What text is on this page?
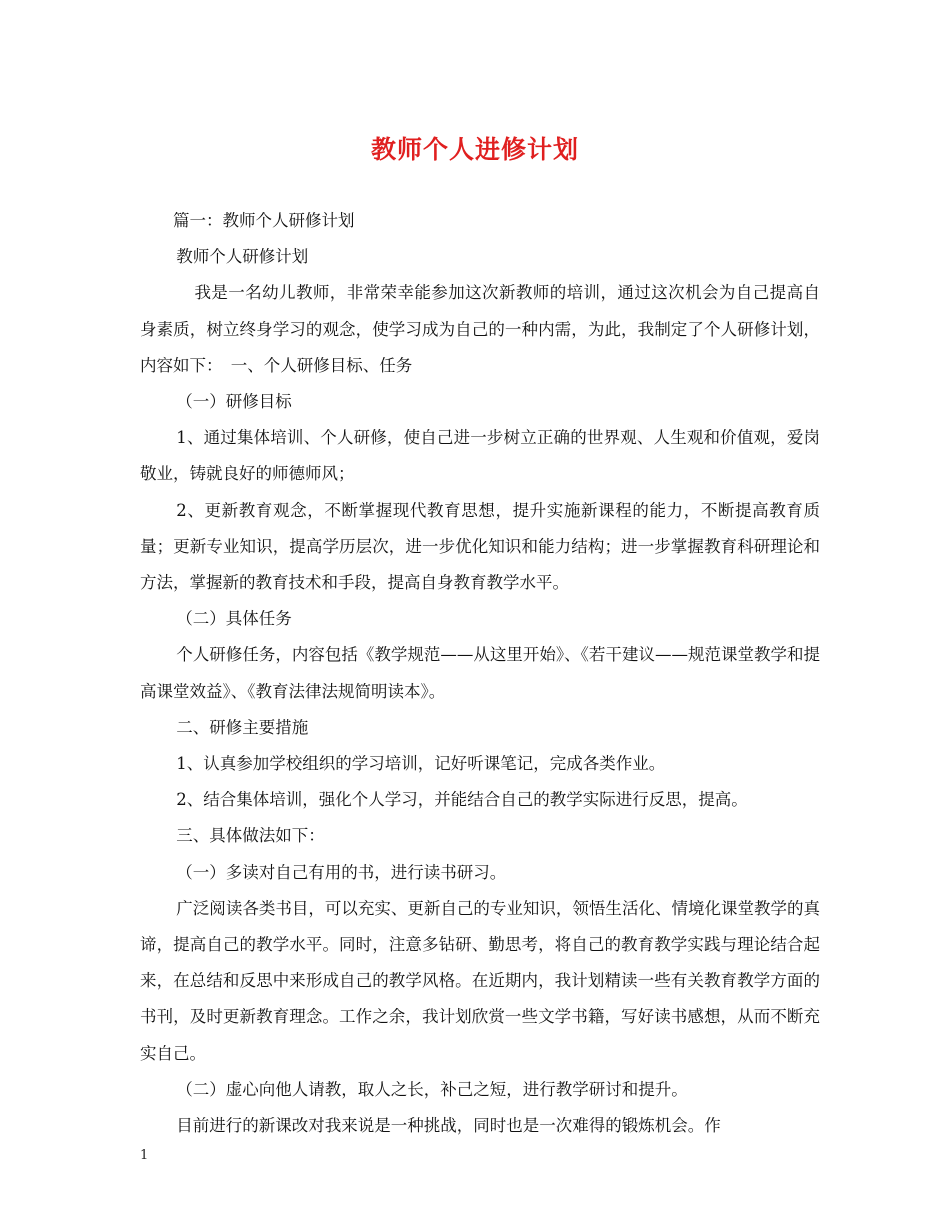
教师个人进修计划

篇一：教师个人研修计划

教师个人研修计划

我是一名幼儿教师，非常荣幸能参加这次新教师的培训，通过这次机会为自己提高自身素质，树立终身学习的观念，使学习成为自己的一种内需，为此，我制定了个人研修计划，内容如下：　一、个人研修目标、任务

（一）研修目标

1、通过集体培训、个人研修，使自己进一步树立正确的世界观、人生观和价值观，爱岗敬业，铸就良好的师德师风；

2、更新教育观念，不断掌握现代教育思想，提升实施新课程的能力，不断提高教育质量；更新专业知识，提高学历层次，进一步优化知识和能力结构；进一步掌握教育科研理论和方法，掌握新的教育技术和手段，提高自身教育教学水平。

（二）具体任务

个人研修任务，内容包括《教学规范——从这里开始》、《若干建议——规范课堂教学和提高课堂效益》、《教育法律法规简明读本》。

二、研修主要措施

1、认真参加学校组织的学习培训，记好听课笔记，完成各类作业。

2、结合集体培训，强化个人学习，并能结合自己的教学实际进行反思，提高。

三、具体做法如下：

（一）多读对自己有用的书，进行读书研习。

广泛阅读各类书目，可以充实、更新自己的专业知识，领悟生活化、情境化课堂教学的真谛，提高自己的教学水平。同时，注意多钻研、勤思考，将自己的教育教学实践与理论结合起来，在总结和反思中来形成自己的教学风格。在近期内，我计划精读一些有关教育教学方面的书刊，及时更新教育理念。工作之余，我计划欣赏一些文学书籍，写好读书感想，从而不断充实自己。

（二）虚心向他人请教，取人之长，补己之短，进行教学研讨和提升。

目前进行的新课改对我来说是一种挑战，同时也是一次难得的锻炼机会。作

1
